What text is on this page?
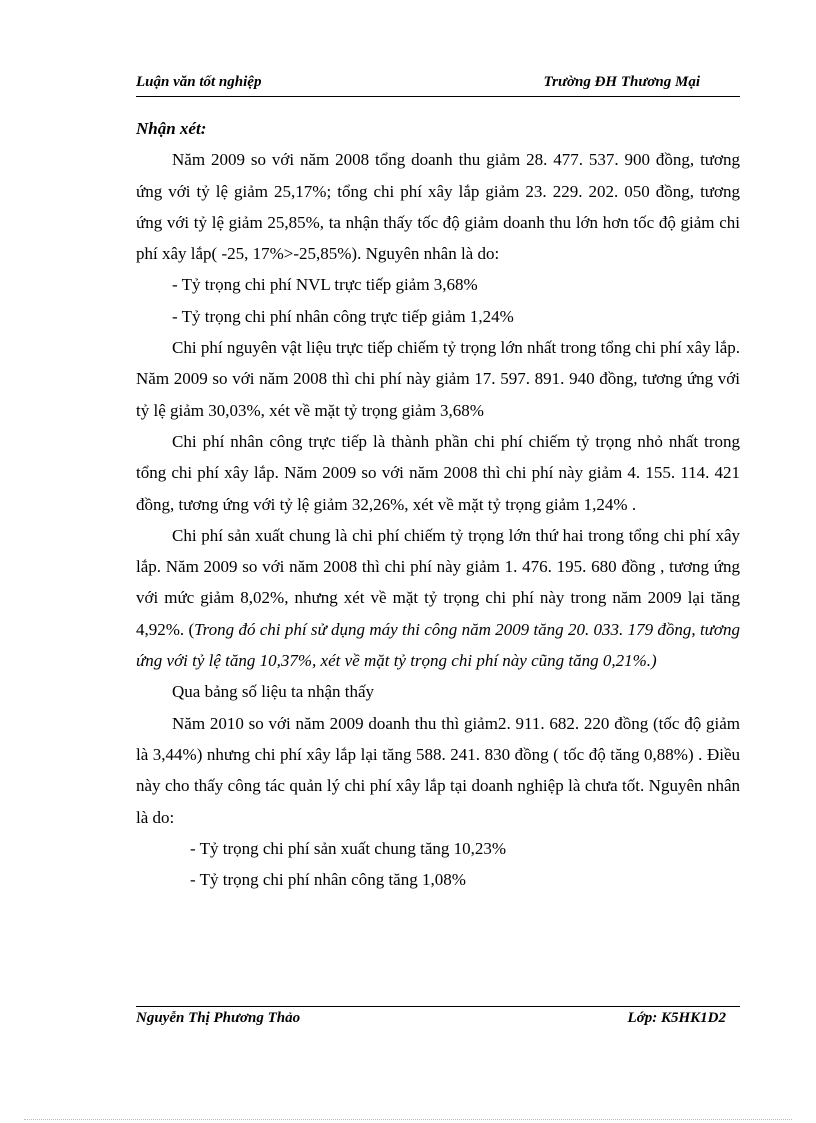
Luận văn tốt nghiệp	Trường ĐH Thương Mại

Nhận xét:

Năm 2009 so với năm 2008 tổng doanh thu giảm 28. 477. 537. 900 đồng, tương ứng với tỷ lệ giảm 25,17%; tổng chi phí xây lắp giảm 23. 229. 202. 050 đồng, tương ứng với tỷ lệ giảm 25,85%, ta nhận thấy tốc độ giảm doanh thu lớn hơn tốc độ giảm chi phí xây lắp( -25, 17%>-25,85%). Nguyên nhân là do:

- Tỷ trọng chi phí NVL trực tiếp giảm 3,68%

- Tỷ trọng chi phí nhân công trực tiếp giảm 1,24%

Chi phí nguyên vật liệu trực tiếp chiếm tỷ trọng lớn nhất trong tổng chi phí xây lắp. Năm 2009 so với năm 2008 thì chi phí này giảm 17. 597. 891. 940 đồng, tương ứng với tỷ lệ giảm 30,03%, xét về mặt tỷ trọng giảm 3,68%

Chi phí nhân công trực tiếp là thành phần chi phí chiếm tỷ trọng nhỏ nhất trong tổng chi phí xây lắp. Năm 2009 so với năm 2008 thì chi phí này giảm 4. 155. 114. 421 đồng, tương ứng với tỷ lệ giảm 32,26%, xét về mặt tỷ trọng giảm 1,24% .

Chi phí sản xuất chung là chi phí chiếm tỷ trọng lớn thứ hai trong tổng chi phí xây lắp. Năm 2009 so với năm 2008 thì chi phí này giảm 1. 476. 195. 680 đồng , tương ứng với mức giảm 8,02%, nhưng xét về mặt tỷ trọng chi phí này trong năm 2009 lại tăng 4,92%. (Trong đó chi phí sử dụng máy thi công năm 2009 tăng 20. 033. 179 đồng, tương ứng với tỷ lệ tăng 10,37%, xét về mặt tỷ trọng chi phí này cũng tăng 0,21%.)

Qua bảng số liệu ta nhận thấy

Năm 2010 so với năm 2009 doanh thu thì giảm2. 911. 682. 220 đồng (tốc độ giảm là 3,44%) nhưng chi phí xây lắp lại tăng 588. 241. 830 đồng ( tốc độ tăng 0,88%) . Điều này cho thấy công tác quản lý chi phí xây lắp tại doanh nghiệp là chưa tốt. Nguyên nhân là do:

- Tỷ trọng chi phí sản xuất chung tăng 10,23%

- Tỷ trọng chi phí nhân công tăng 1,08%

Nguyễn Thị Phương Thảo	Lớp: K5HK1D2
